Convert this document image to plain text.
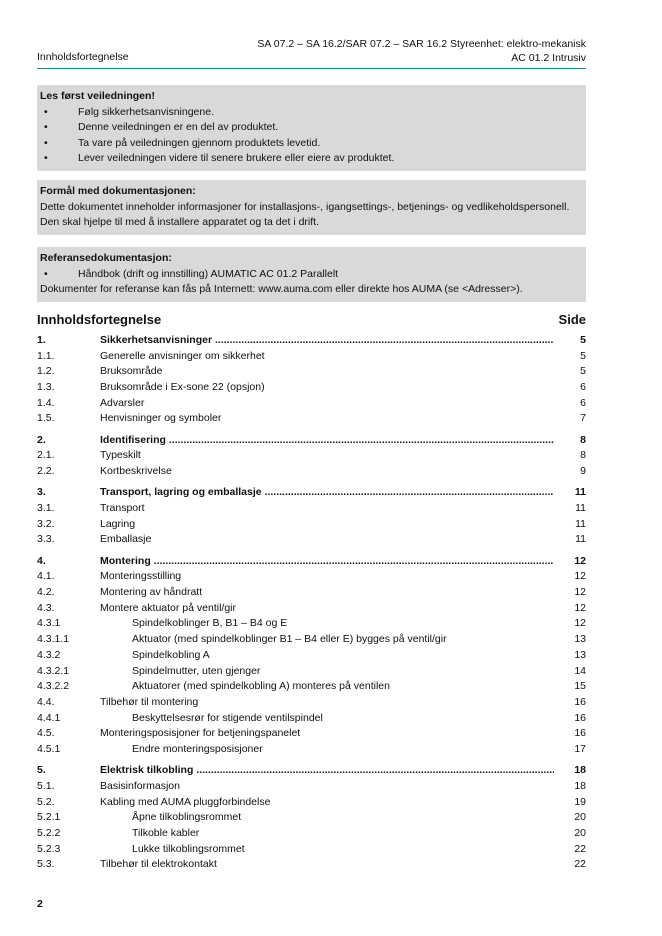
Innholdsfortegnelse
SA 07.2 – SA 16.2/SAR 07.2 – SAR 16.2 Styreenhet: elektro-mekanisk
AC 01.2 Intrusiv
Les først veiledningen!
• Følg sikkerhetsanvisningene.
• Denne veiledningen er en del av produktet.
• Ta vare på veiledningen gjennom produktets levetid.
• Lever veiledningen videre til senere brukere eller eiere av produktet.
Formål med dokumentasjonen:
Dette dokumentet inneholder informasjoner for installasjons-, igangsettings-, betjenings- og vedlikeholdspersonell.
Den skal hjelpe til med å installere apparatet og ta det i drift.
Referansedokumentasjon:
• Håndbok (drift og innstilling) AUMATIC AC 01.2 Parallelt
Dokumenter for referanse kan fås på Internett: www.auma.com eller direkte hos AUMA (se <Adresser>).
Innholdsfortegnelse	Side
1.	Sikkerhetsanvisninger .....	5
1.1.	Generelle anvisninger om sikkerhet	5
1.2.	Bruksområde	5
1.3.	Bruksområde i Ex-sone 22 (opsjon)	6
1.4.	Advarsler	6
1.5.	Henvisninger og symboler	7
2.	Identifisering .....	8
2.1.	Typeskilt	8
2.2.	Kortbeskrivelse	9
3.	Transport, lagring og emballasje .....	11
3.1.	Transport	11
3.2.	Lagring	11
3.3.	Emballasje	11
4.	Montering .....	12
4.1.	Monteringsstilling	12
4.2.	Montering av håndratt	12
4.3.	Montere aktuator på ventil/gir	12
4.3.1	Spindelkoblinger B, B1 – B4 og E	12
4.3.1.1	Aktuator (med spindelkoblinger B1 – B4 eller E) bygges på ventil/gir	13
4.3.2	Spindelkobling A	13
4.3.2.1	Spindelmutter, uten gjenger	14
4.3.2.2	Aktuatorer (med spindelkobling A) monteres på ventilen	15
4.4.	Tilbehør til montering	16
4.4.1	Beskyttelsesrør for stigende ventilspindel	16
4.5.	Monteringsposisjoner for betjeningspanelet	16
4.5.1	Endre monteringsposisjoner	17
5.	Elektrisk tilkobling .....	18
5.1.	Basisinformasjon	18
5.2.	Kabling med AUMA pluggforbindelse	19
5.2.1	Åpne tilkoblingsrommet	20
5.2.2	Tilkoble kabler	20
5.2.3	Lukke tilkoblingsrommet	22
5.3.	Tilbehør til elektrokontakt	22
2
